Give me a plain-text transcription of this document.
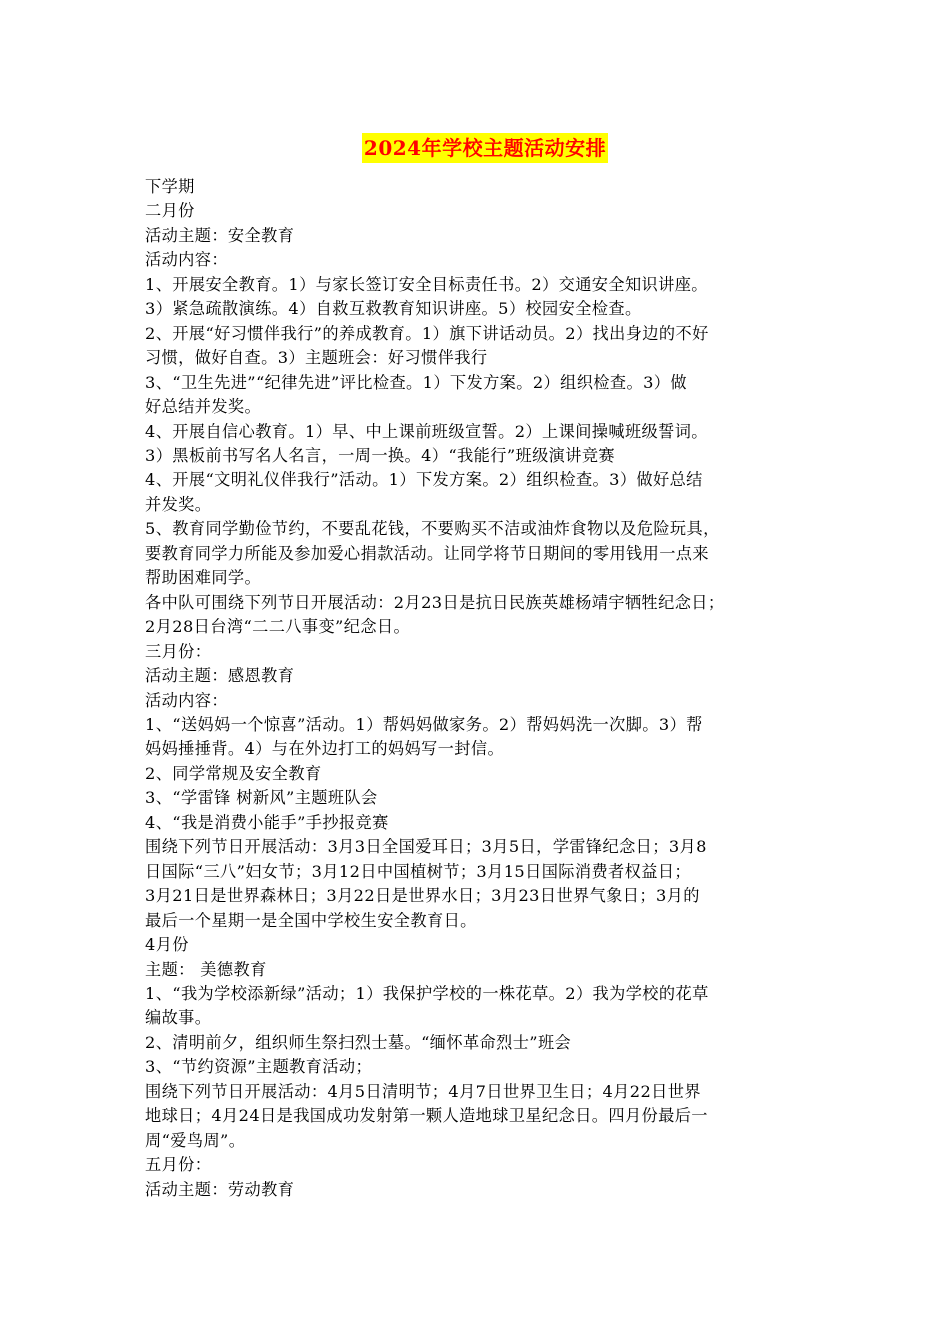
2024年学校主题活动安排
下学期
二月份
活动主题：安全教育
活动内容：
1、开展安全教育。1）与家长签订安全目标责任书。2）交通安全知识讲座。
3）紧急疏散演练。4）自救互救教育知识讲座。5）校园安全检查。
2、开展“好习惯伴我行”的养成教育。1）旗下讲话动员。2）找出身边的不好
习惯，做好自查。3）主题班会：好习惯伴我行
3、“卫生先进”“纪律先进”评比检查。1）下发方案。2）组织检查。3）做
好总结并发奖。
4、开展自信心教育。1）早、中上课前班级宣誓。2）上课间操喊班级誓词。
3）黑板前书写名人名言，一周一换。4）“我能行”班级演讲竞赛
4、开展“文明礼仪伴我行”活动。1）下发方案。2）组织检查。3）做好总结
并发奖。
5、教育同学勤俭节约，不要乱花钱，不要购买不洁或油炸食物以及危险玩具，
要教育同学力所能及参加爱心捐款活动。让同学将节日期间的零用钱用一点来
帮助困难同学。
各中队可围绕下列节日开展活动：2月23日是抗日民族英雄杨靖宇牺牲纪念日；
2月28日台湾“二二八事变”纪念日。
三月份：
活动主题：感恩教育
活动内容：
1、“送妈妈一个惊喜”活动。1）帮妈妈做家务。2）帮妈妈洗一次脚。3）帮
妈妈捶捶背。4）与在外边打工的妈妈写一封信。
2、同学常规及安全教育
3、“学雷锋 树新风”主题班队会
4、“我是消费小能手”手抄报竞赛
围绕下列节日开展活动：3月3日全国爱耳日；3月5日，学雷锋纪念日；3月8
日国际“三八”妇女节；3月12日中国植树节；3月15日国际消费者权益日；
3月21日是世界森林日；3月22日是世界水日；3月23日世界气象日；3月的
最后一个星期一是全国中学校生安全教育日。
4月份
主题： 美德教育
1、“我为学校添新绿”活动；1）我保护学校的一株花草。2）我为学校的花草
编故事。
2、清明前夕，组织师生祭扫烈士墓。“缅怀革命烈士”班会
3、“节约资源”主题教育活动；
围绕下列节日开展活动：4月5日清明节；4月7日世界卫生日；4月22日世界
地球日；4月24日是我国成功发射第一颗人造地球卫星纪念日。四月份最后一
周“爱鸟周”。
五月份：
活动主题：劳动教育
